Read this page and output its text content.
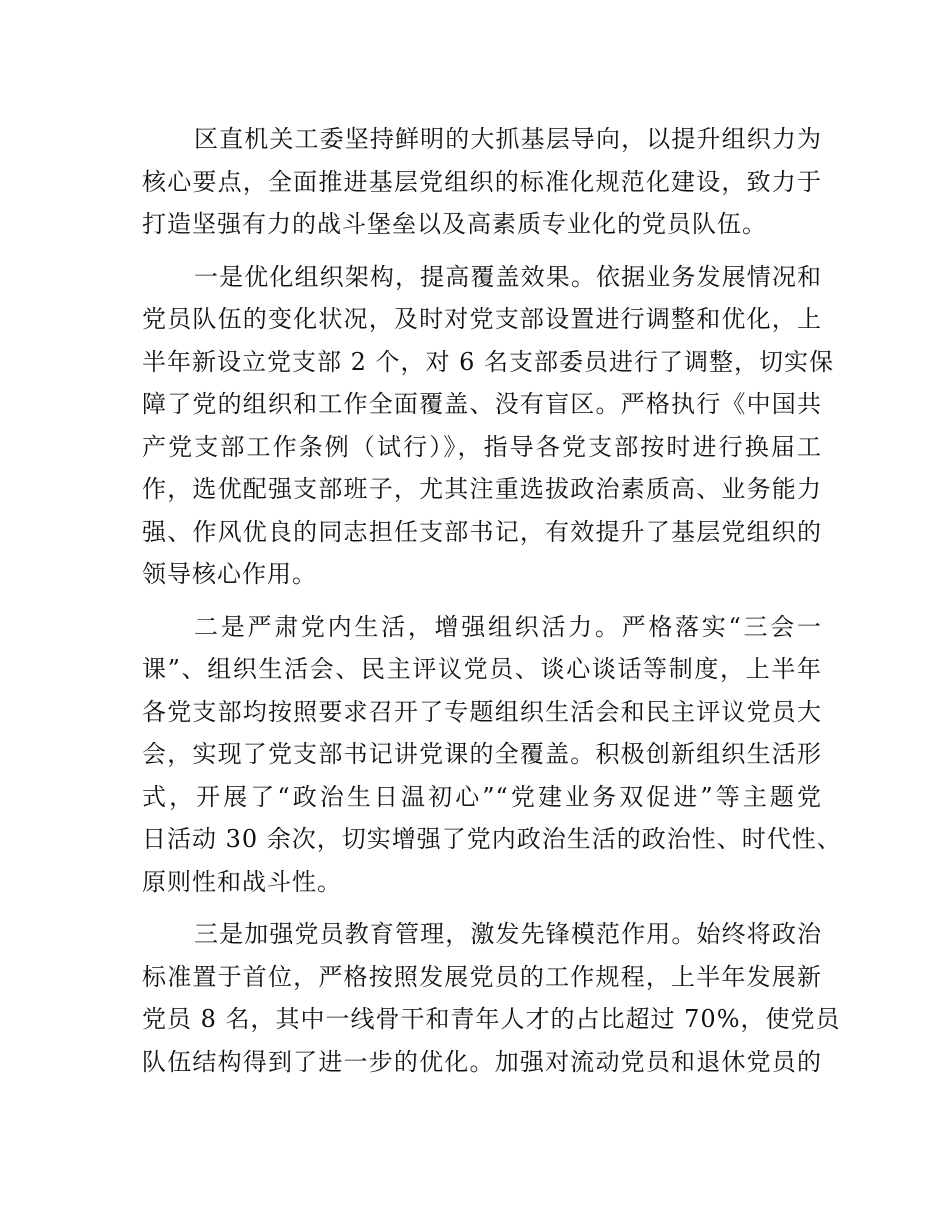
区直机关工委坚持鲜明的大抓基层导向，以提升组织力为
核心要点，全面推进基层党组织的标准化规范化建设，致力于
打造坚强有力的战斗堡垒以及高素质专业化的党员队伍。

一是优化组织架构，提高覆盖效果。依据业务发展情况和
党员队伍的变化状况，及时对党支部设置进行调整和优化，上
半年新设立党支部 2 个，对 6 名支部委员进行了调整，切实保
障了党的组织和工作全面覆盖、没有盲区。严格执行《中国共
产党支部工作条例（试行）》，指导各党支部按时进行换届工
作，选优配强支部班子，尤其注重选拔政治素质高、业务能力
强、作风优良的同志担任支部书记，有效提升了基层党组织的
领导核心作用。

二是严肃党内生活，增强组织活力。严格落实“三会一
课”、组织生活会、民主评议党员、谈心谈话等制度，上半年
各党支部均按照要求召开了专题组织生活会和民主评议党员大
会，实现了党支部书记讲党课的全覆盖。积极创新组织生活形
式，开展了“政治生日温初心”“党建业务双促进”等主题党
日活动 30 余次，切实增强了党内政治生活的政治性、时代性、
原则性和战斗性。

三是加强党员教育管理，激发先锋模范作用。始终将政治
标准置于首位，严格按照发展党员的工作规程，上半年发展新
党员 8 名，其中一线骨干和青年人才的占比超过 70%，使党员
队伍结构得到了进一步的优化。加强对流动党员和退休党员的
